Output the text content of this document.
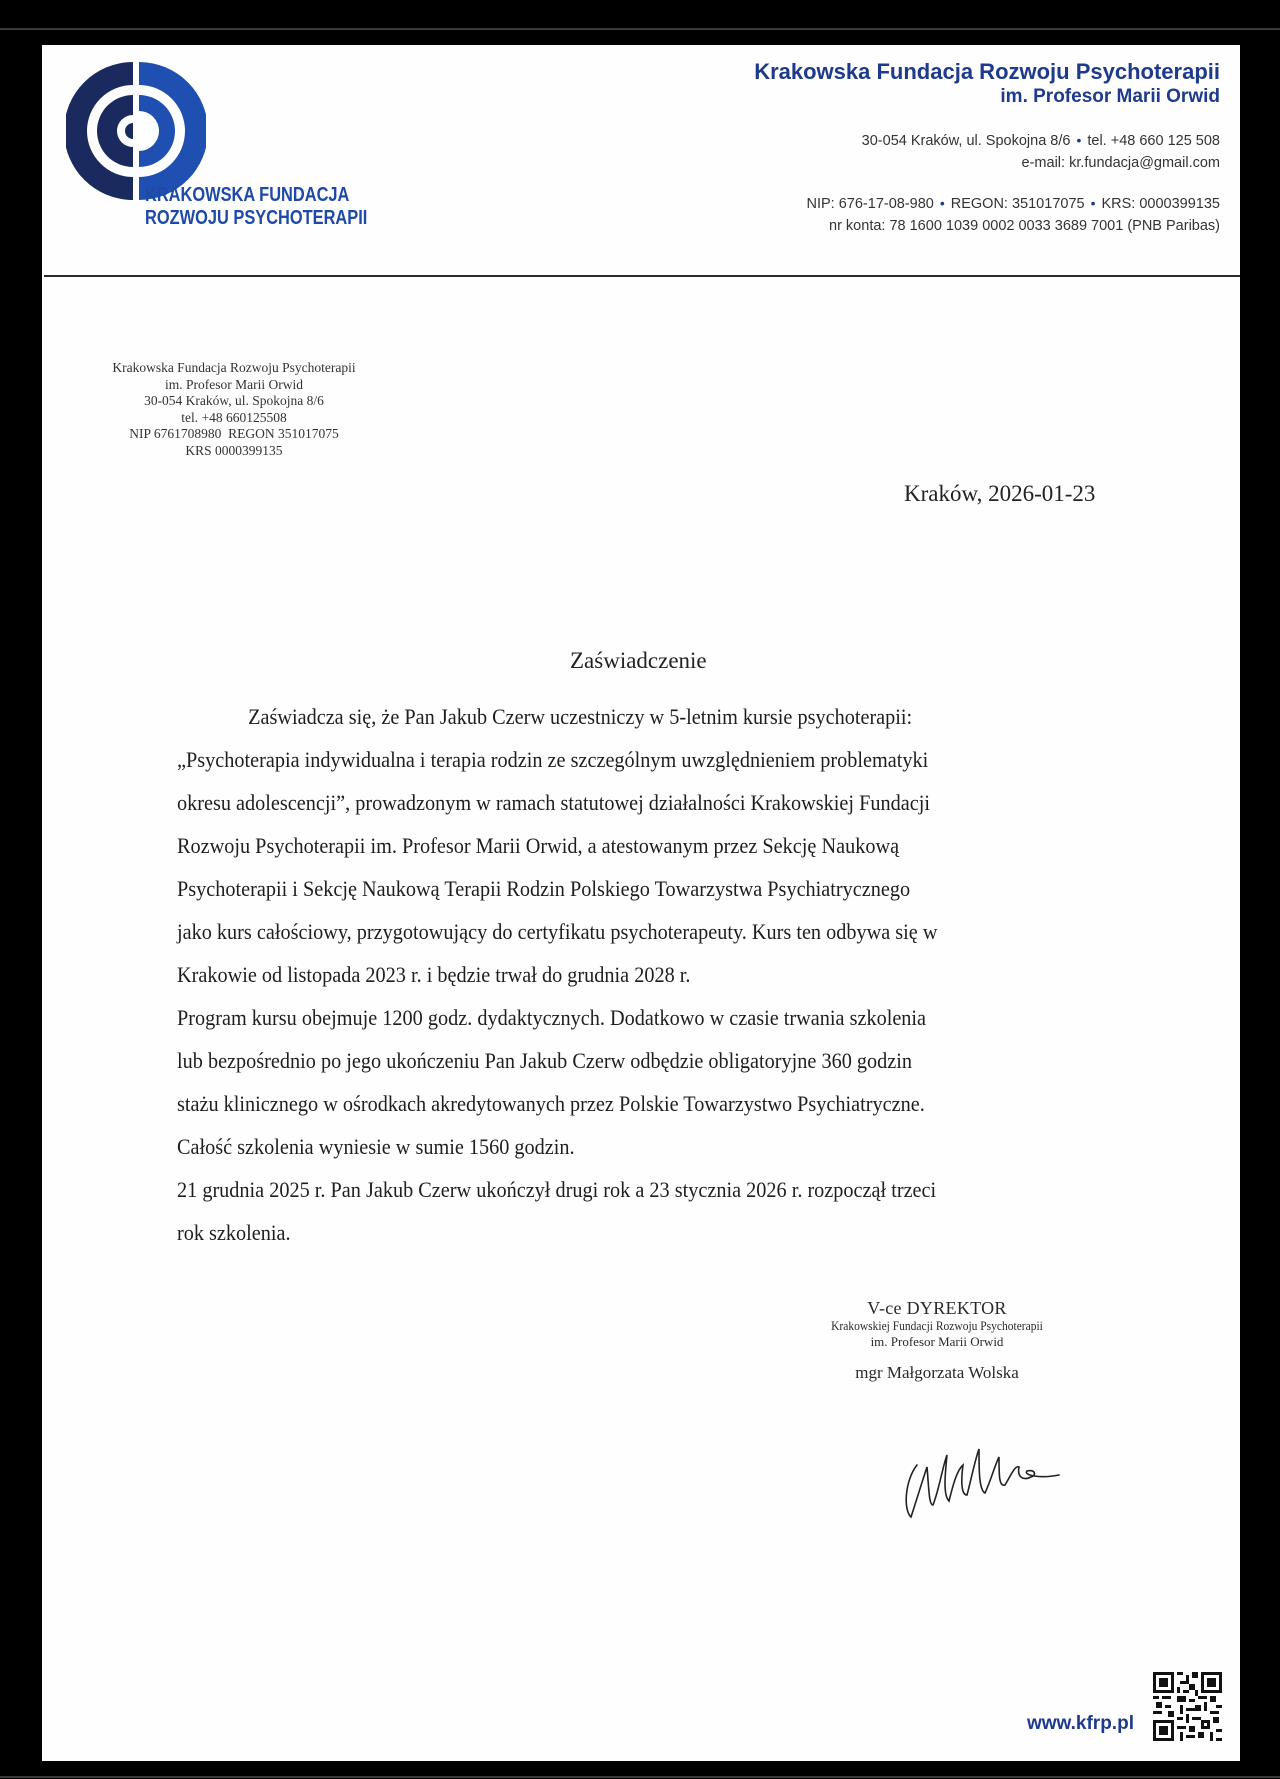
KRAKOWSKA FUNDACJA
ROZWOJU PSYCHOTERAPII
Krakowska Fundacja Rozwoju Psychoterapii
im. Profesor Marii Orwid
30-054 Kraków, ul. Spokojna 8/6 • tel. +48 660 125 508
e-mail: kr.fundacja@gmail.com
NIP: 676-17-08-980 • REGON: 351017075 • KRS: 0000399135
nr konta: 78 1600 1039 0002 0033 3689 7001 (PNB Paribas)
Krakowska Fundacja Rozwoju Psychoterapii
im. Profesor Marii Orwid
30-054 Kraków, ul. Spokojna 8/6
tel. +48 660125508
NIP 6761708980  REGON 351017075
KRS 0000399135
Kraków, 2026-01-23
Zaświadczenie
Zaświadcza się, że Pan Jakub Czerw uczestniczy w 5-letnim kursie psychoterapii:
„Psychoterapia indywidualna i terapia rodzin ze szczególnym uwzględnieniem problematyki
okresu adolescencji”, prowadzonym w ramach statutowej działalności Krakowskiej Fundacji
Rozwoju Psychoterapii im. Profesor Marii Orwid, a atestowanym przez Sekcję Naukową
Psychoterapii i Sekcję Naukową Terapii Rodzin Polskiego Towarzystwa Psychiatrycznego
jako kurs całościowy, przygotowujący do certyfikatu psychoterapeuty. Kurs ten odbywa się w
Krakowie od listopada 2023 r. i będzie trwał do grudnia 2028 r.
Program kursu obejmuje 1200 godz. dydaktycznych. Dodatkowo w czasie trwania szkolenia
lub bezpośrednio po jego ukończeniu Pan Jakub Czerw odbędzie obligatoryjne 360 godzin
stażu klinicznego w ośrodkach akredytowanych przez Polskie Towarzystwo Psychiatryczne.
Całość szkolenia wyniesie w sumie 1560 godzin.
21 grudnia 2025 r. Pan Jakub Czerw ukończył drugi rok a 23 stycznia 2026 r. rozpoczął trzeci
rok szkolenia.
V-ce DYREKTOR
Krakowskiej Fundacji Rozwoju Psychoterapii
im. Profesor Marii Orwid
mgr Małgorzata Wolska
www.kfrp.pl
